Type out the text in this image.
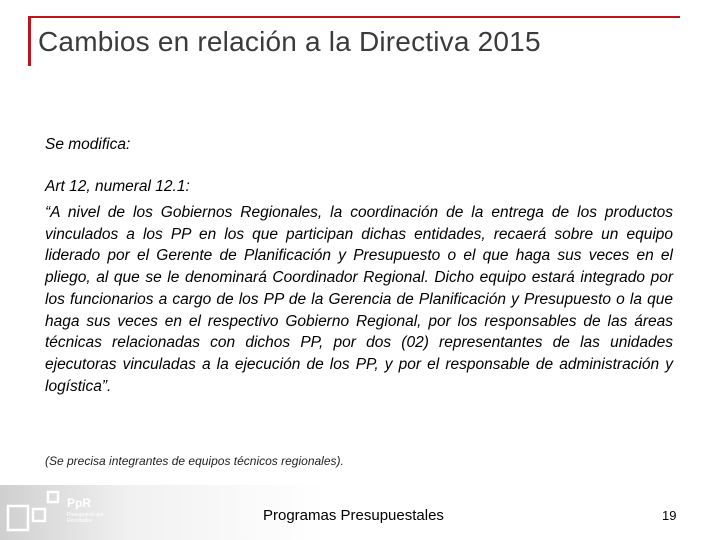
Cambios en relación a la Directiva 2015
Se modifica:
Art 12, numeral 12.1:
“A nivel de los Gobiernos Regionales, la coordinación de la entrega de los productos vinculados a los PP en los que participan dichas entidades, recaerá sobre un equipo liderado por el Gerente de Planificación y Presupuesto o el que haga sus veces en el pliego, al que se le denominará Coordinador Regional. Dicho equipo estará integrado por los funcionarios a cargo de los PP de la Gerencia de Planificación y Presupuesto o la que haga sus veces en el respectivo Gobierno Regional, por los responsables de las áreas técnicas relacionadas con dichos PP, por dos (02) representantes de las unidades ejecutoras vinculadas a la ejecución de los PP, y por el responsable de administración y logística”.
(Se precisa integrantes de equipos técnicos regionales).
PpR
Presupuesto por Resultados	Programas Presupuestales	19
